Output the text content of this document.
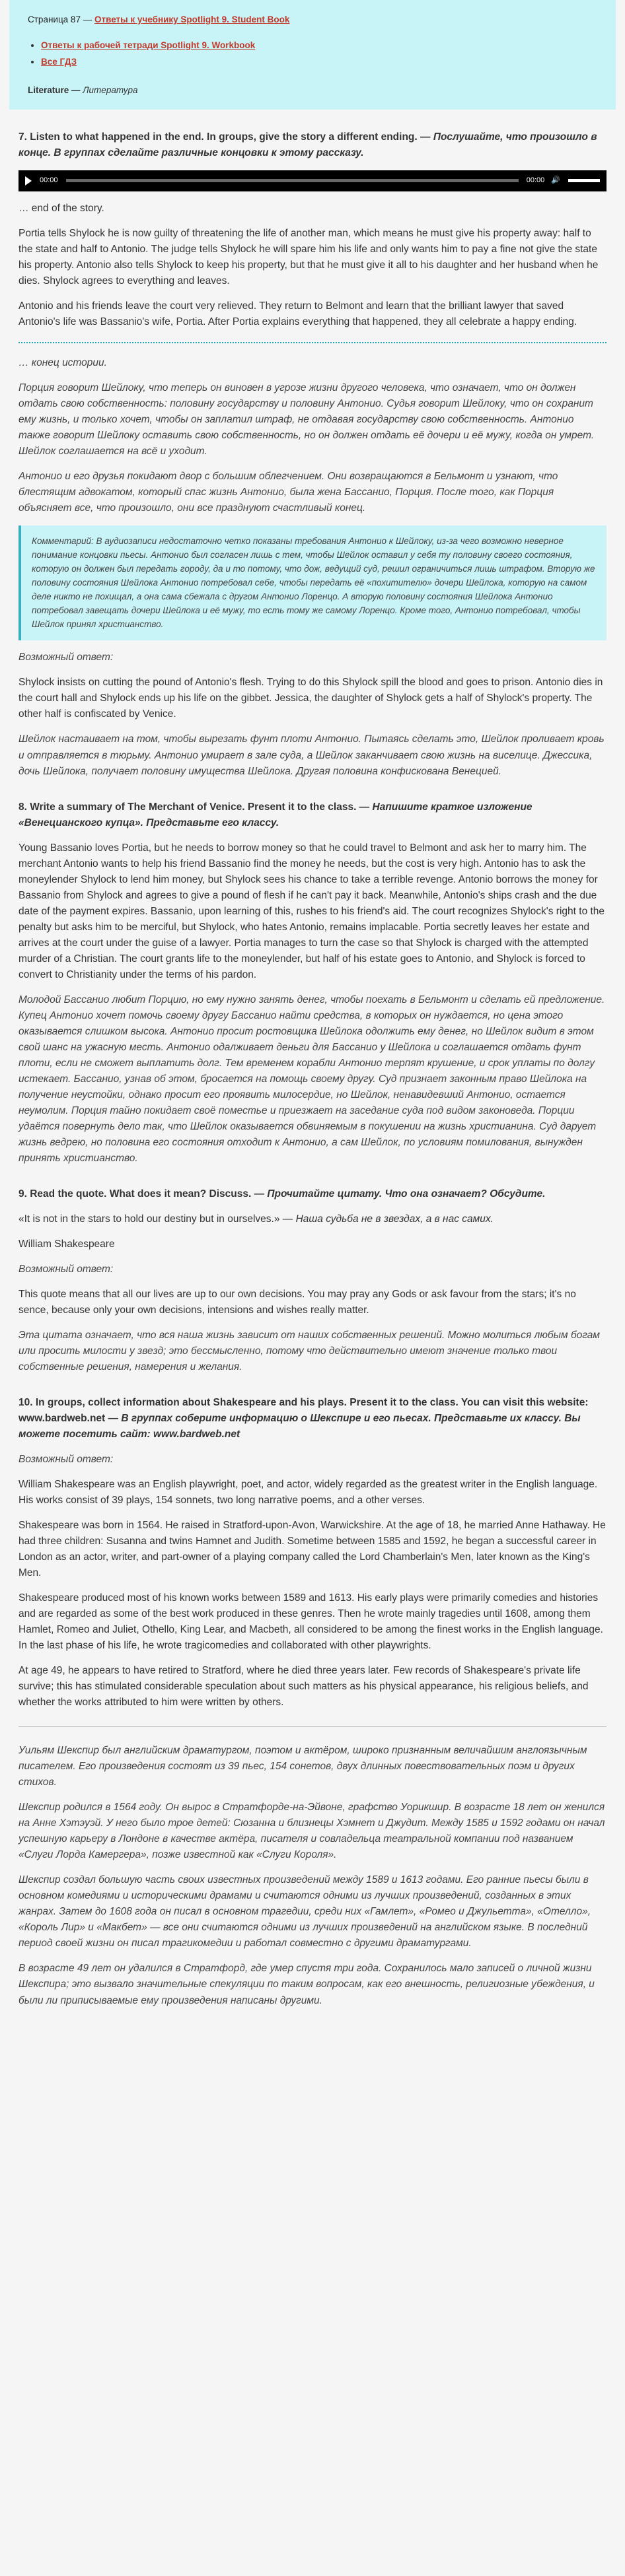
Страница 87 — Ответы к учебнику Spotlight 9. Student Book
• Ответы к рабочей тетради Spotlight 9. Workbook
• Все ГДЗ
Literature — Литература
7. Listen to what happened in the end. In groups, give the story a different ending. — Послушайте, что произошло в конце. В группах сделайте различные концовки к этому рассказу.
00:00	00:00 🔊

… end of the story.

Portia tells Shylock he is now guilty of threatening the life of another man, which means he must give his property away: half to the state and half to Antonio. The judge tells Shylock he will spare him his life and only wants him to pay a fine not give the state his property. Antonio also tells Shylock to keep his property, but that he must give it all to his daughter and her husband when he dies. Shylock agrees to everything and leaves.

Antonio and his friends leave the court very relieved. They return to Belmont and learn that the brilliant lawyer that saved Antonio's life was Bassanio's wife, Portia. After Portia explains everything that happened, they all celebrate a happy ending.

… конец истории.

Порция говорит Шейлоку, что теперь он виновен в угрозе жизни другого человека, что означает, что он должен отдать свою собственность: половину государству и половину Антонио. Судья говорит Шейлоку, что он сохранит ему жизнь, и только хочет, чтобы он заплатил штраф, не отдавая государству свою собственность. Антонио также говорит Шейлоку оставить свою собственность, но он должен отдать её дочери и её мужу, когда он умрет. Шейлок соглашается на всё и уходит.

Антонио и его друзья покидают двор с большим облегчением. Они возвращаются в Бельмонт и узнают, что блестящим адвокатом, который спас жизнь Антонио, была жена Бассанио, Порция. После того, как Порция объясняет все, что произошло, они все празднуют счастливый конец.

Комментарий: В аудиозаписи недостаточно четко показаны требования Антонио к Шейлоку, из-за чего возможно неверное понимание концовки пьесы. Антонио был согласен лишь с тем, чтобы Шейлок оставил у себя ту половину своего состояния, которую он должен был передать городу, да и то потому, что дож, ведущий суд, решил ограничиться лишь штрафом. Вторую же половину состояния Шейлока Антонио потребовал себе, чтобы передать её «похитителю» дочери Шейлока, которую на самом деле никто не похищал, а она сама сбежала с другом Антонио Лоренцо. А вторую половину состояния Шейлока Антонио потребовал завещать дочери Шейлока и её мужу, то есть тому же самому Лоренцо. Кроме того, Антонио потребовал, чтобы Шейлок принял христианство.
Возможный ответ:

Shylock insists on cutting the pound of Antonio's flesh. Trying to do this Shylock spill the blood and goes to prison. Antonio dies in the court hall and Shylock ends up his life on the gibbet. Jessica, the daughter of Shylock gets a half of Shylock's property. The other half is confiscated by Venice.

Шейлок настаивает на том, чтобы вырезать фунт плоти Антонио. Пытаясь сделать это, Шейлок проливает кровь и отправляется в тюрьму. Антонио умирает в зале суда, а Шейлок заканчивает свою жизнь на виселице. Джессика, дочь Шейлока, получает половину имущества Шейлока. Другая половина конфискована Венецией.

8. Write a summary of The Merchant of Venice. Present it to the class. — Напишите краткое изложение «Венецианского купца». Представьте его классу.

Young Bassanio loves Portia, but he needs to borrow money so that he could travel to Belmont and ask her to marry him. The merchant Antonio wants to help his friend Bassanio find the money he needs, but the cost is very high. Antonio has to ask the moneylender Shylock to lend him money, but Shylock sees his chance to take a terrible revenge. Antonio borrows the money for Bassanio from Shylock and agrees to give a pound of flesh if he can't pay it back. Meanwhile, Antonio's ships crash and the due date of the payment expires. Bassanio, upon learning of this, rushes to his friend's aid. The court recognizes Shylock's right to the penalty but asks him to be merciful, but Shylock, who hates Antonio, remains implacable. Portia secretly leaves her estate and arrives at the court under the guise of a lawyer. Portia manages to turn the case so that Shylock is charged with the attempted murder of a Christian. The court grants life to the moneylender, but half of his estate goes to Antonio, and Shylock is forced to convert to Christianity under the terms of his pardon.

Молодой Бассанио любит Порцию, но ему нужно занять денег, чтобы поехать в Бельмонт и сделать ей предложение. Купец Антонио хочет помочь своему другу Бассанио найти средства, в которых он нуждается, но цена этого оказывается слишком высока. Антонио просит ростовщика Шейлока одолжить ему денег, но Шейлок видит в этом свой шанс на ужасную месть. Антонио одалживает деньги для Бассанио у Шейлока и соглашается отдать фунт плоти, если не сможет выплатить долг. Тем временем корабли Антонио терпят крушение, и срок уплаты по долгу истекает. Бассанио, узнав об этом, бросается на помощь своему другу. Суд признает законным право Шейлока на получение неустойки, однако просит его проявить милосердие, но Шейлок, ненавидевший Антонио, остается неумолим. Порция тайно покидает своё поместье и приезжает на заседание суда под видом законоведа. Порции удаётся повернуть дело так, что Шейлок оказывается обвиняемым в покушении на жизнь христианина. Суд дарует жизнь ведрею, но половина его состояния отходит к Антонио, а сам Шейлок, по условиям помилования, вынужден принять христианство.

9. Read the quote. What does it mean? Discuss. — Прочитайте цитату. Что она означает? Обсудите.

«It is not in the stars to hold our destiny but in ourselves.» — Наша судьба не в звездах, а в нас самих.

William Shakespeare

Возможный ответ:

This quote means that all our lives are up to our own decisions. You may pray any Gods or ask favour from the stars; it's no sence, because only your own decisions, intensions and wishes really matter.

Эта цитата означает, что вся наша жизнь зависит от наших собственных решений. Можно молиться любым богам или просить милости у звезд; это бессмысленно, потому что действительно имеют значение только твои собственные решения, намерения и желания.

10. In groups, collect information about Shakespeare and his plays. Present it to the class. You can visit this website: www.bardweb.net — В группах соберите информацию о Шекспире и его пьесах. Представьте их классу. Вы можете посетить сайт: www.bardweb.net
Возможный ответ:

William Shakespeare was an English playwright, poet, and actor, widely regarded as the greatest writer in the English language. His works consist of 39 plays, 154 sonnets, two long narrative poems, and a other verses.

Shakespeare was born in 1564. He raised in Stratford-upon-Avon, Warwickshire. At the age of 18, he married Anne Hathaway. He had three children: Susanna and twins Hamnet and Judith. Sometime between 1585 and 1592, he began a successful career in London as an actor, writer, and part-owner of a playing company called the Lord Chamberlain's Men, later known as the King's Men.

Shakespeare produced most of his known works between 1589 and 1613. His early plays were primarily comedies and histories and are regarded as some of the best work produced in these genres. Then he wrote mainly tragedies until 1608, among them Hamlet, Romeo and Juliet, Othello, King Lear, and Macbeth, all considered to be among the finest works in the English language. In the last phase of his life, he wrote tragicomedies and collaborated with other playwrights.

At age 49, he appears to have retired to Stratford, where he died three years later. Few records of Shakespeare's private life survive; this has stimulated considerable speculation about such matters as his physical appearance, his religious beliefs, and whether the works attributed to him were written by others.

Уильям Шекспир был английским драматургом, поэтом и актёром, широко признанным величайшим англоязычным писателем. Его произведения состоят из 39 пьес, 154 сонетов, двух длинных повествовательных поэм и других стихов.

Шекспир родился в 1564 году. Он вырос в Стратфорде-на-Эйвоне, графство Уорикшир. В возрасте 18 лет он женился на Анне Хэтэуэй. У него было трое детей: Сюзанна и близнецы Хэмнет и Джудит. Между 1585 и 1592 годами он начал успешную карьеру в Лондоне в качестве актёра, писателя и совладельца театральной компании под названием «Слуги Лорда Камергера», позже известной как «Слуги Короля».

Шекспир создал большую часть своих известных произведений между 1589 и 1613 годами. Его ранние пьесы были в основном комедиями и историческими драмами и считаются одними из лучших произведений, созданных в этих жанрах. Затем до 1608 года он писал в основном трагедии, среди них «Гамлет», «Ромео и Джульетта», «Отелло», «Король Лир» и «Макбет» — все они считаются одними из лучших произведений на английском языке. В последний период своей жизни он писал трагикомедии и работал совместно с другими драматургами.

В возрасте 49 лет он удалился в Стратфорд, где умер спустя три года. Сохранилось мало записей о личной жизни Шекспира; это вызвало значительные спекуляции по таким вопросам, как его внешность, религиозные убеждения, и были ли приписываемые ему произведения написаны другими.
